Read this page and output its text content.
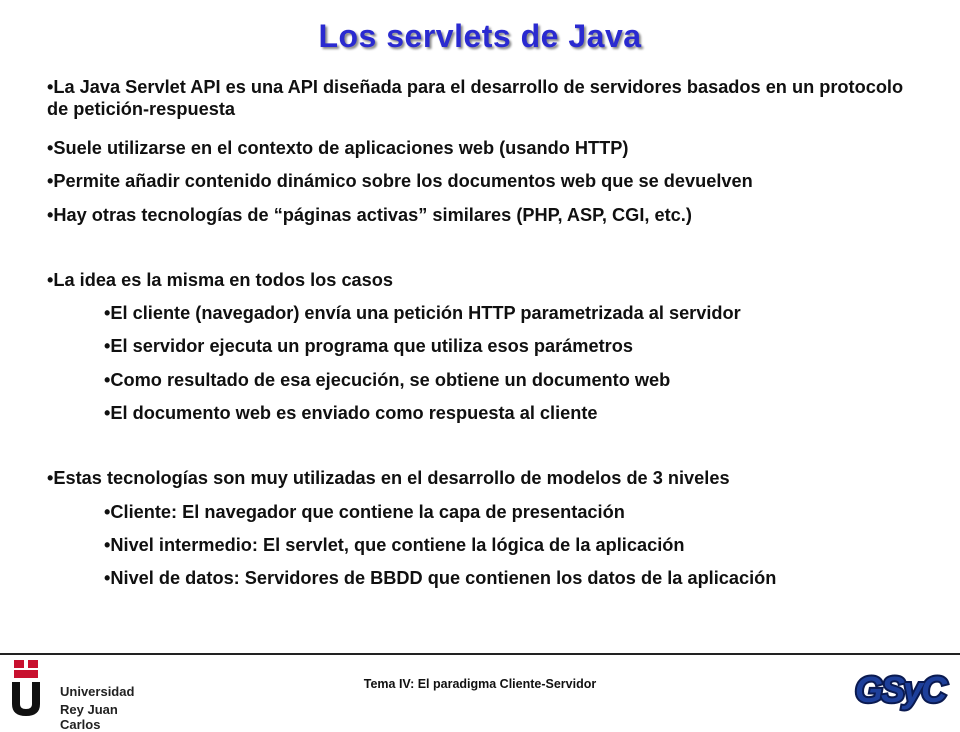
Los servlets de Java
•La Java Servlet API es una API diseñada para el desarrollo de servidores basados en un protocolo de petición-respuesta
•Suele utilizarse en el contexto de aplicaciones web (usando HTTP)
•Permite añadir contenido dinámico sobre los documentos web que se devuelven
•Hay otras tecnologías de “páginas activas” similares (PHP, ASP, CGI, etc.)
•La idea es la misma en todos los casos
•El cliente (navegador) envía una petición HTTP parametrizada al servidor
•El servidor ejecuta un programa que utiliza esos parámetros
•Como resultado de esa ejecución, se obtiene un documento web
•El documento web es enviado como respuesta al cliente
•Estas tecnologías son muy utilizadas en el desarrollo de modelos de 3 niveles
•Cliente: El navegador que contiene la capa de presentación
•Nivel intermedio: El servlet, que contiene la lógica de la aplicación
•Nivel de datos: Servidores de BBDD que contienen los datos de la aplicación
Universidad
Rey Juan Carlos
Tema IV: El paradigma Cliente-Servidor	GSyC
